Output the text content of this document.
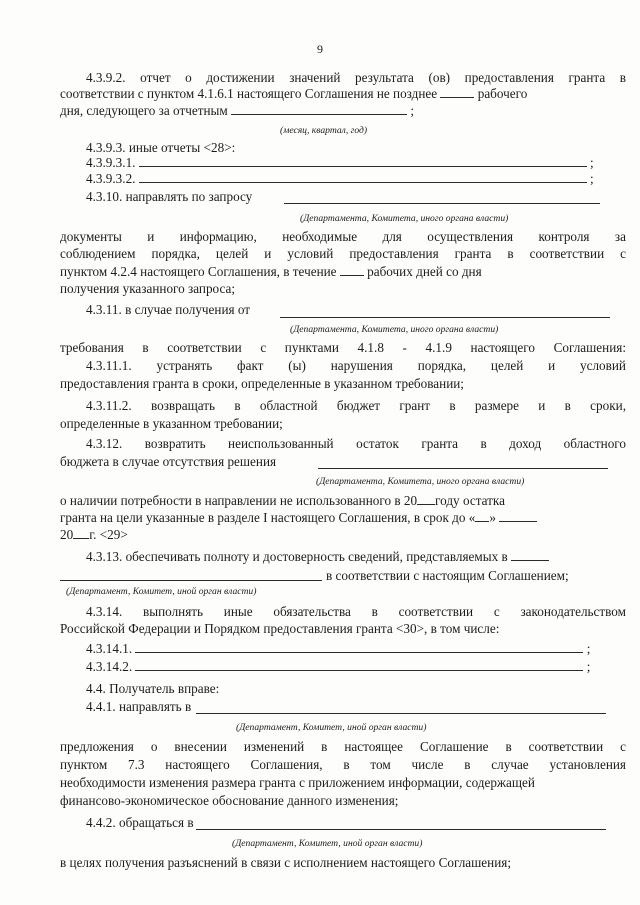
9
4.3.9.2. отчет о достижении значений результата (ов) предоставления гранта в
соответствии с пунктом 4.1.6.1 настоящего Соглашения не позднее	рабочего
дня, следующего за отчетным	;
(месяц, квартал, год)
4.3.9.3. иные отчеты <28>:
4.3.9.3.1.	;
4.3.9.3.2.	;
4.3.10. направлять по запросу
(Департамента, Комитета, иного органа власти)
документы и информацию, необходимые для осуществления контроля за
соблюдением порядка, целей и условий предоставления гранта в соответствии с
пунктом 4.2.4 настоящего Соглашения, в течение рабочих дней со дня
получения указанного запроса;
4.3.11. в случае получения от
(Департамента, Комитета, иного органа власти)
требования в соответствии с пунктами 4.1.8 - 4.1.9 настоящего Соглашения:
4.3.11.1. устранять факт (ы) нарушения порядка, целей и условий
предоставления гранта в сроки, определенные в указанном требовании;
4.3.11.2. возвращать в областной бюджет грант в размере и в сроки,
определенные в указанном требовании;
4.3.12. возвратить неиспользованный остаток гранта в доход областного
бюджета в случае отсутствия решения
(Департамента, Комитета, иного органа власти)
о наличии потребности в направлении не использованного в 20 году остатка
гранта на цели указанные в разделе I настоящего Соглашения, в срок до « »
20 г. <29>
4.3.13. обеспечивать полноту и достоверность сведений, представляемых в
в соответствии с настоящим Соглашением;
(Департамент, Комитет, иной орган власти)
4.3.14. выполнять иные обязательства в соответствии с законодательством
Российской Федерации и Порядком предоставления гранта <30>, в том числе:
4.3.14.1.	;
4.3.14.2.	;
4.4. Получатель вправе:
4.4.1. направлять в
(Департамент, Комитет, иной орган власти)
предложения о внесении изменений в настоящее Соглашение в соответствии с
пунктом 7.3 настоящего Соглашения, в том числе в случае установления
необходимости изменения размера гранта с приложением информации, содержащей
финансово-экономическое обоснование данного изменения;
4.4.2. обращаться в
(Департамент, Комитет, иной орган власти)
в целях получения разъяснений в связи с исполнением настоящего Соглашения;
